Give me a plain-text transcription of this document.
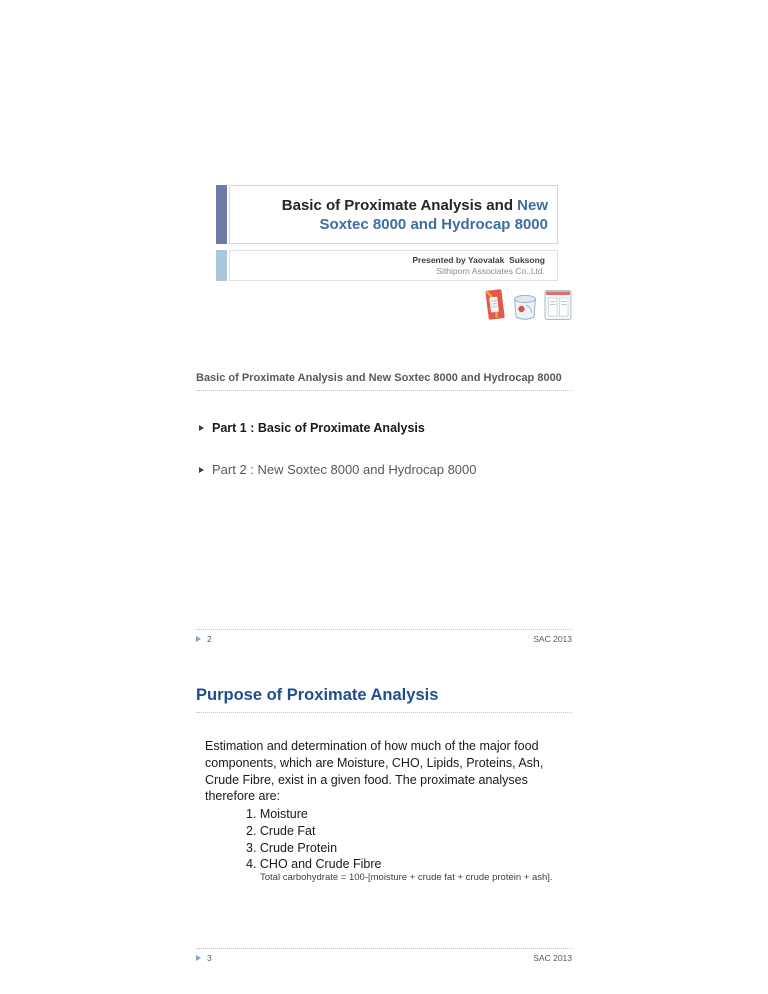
Basic of Proximate Analysis and New
Soxtec 8000 and Hydrocap 8000
Presented by Yaovalak  Suksong
Sithiporn Associates Co.,Ltd.
Basic of Proximate Analysis and New Soxtec 8000 and Hydrocap 8000
Part 1 : Basic of Proximate Analysis
Part 2 : New Soxtec 8000 and Hydrocap 8000
2	SAC 2013
Purpose of Proximate Analysis
Estimation and determination of how much of the major food
components, which are Moisture, CHO, Lipids, Proteins, Ash,
Crude Fibre, exist in a given food. The proximate analyses
therefore are:
1. Moisture
2. Crude Fat
3. Crude Protein
4. CHO and Crude Fibre
Total carbohydrate = 100-[moisture + crude fat + crude protein + ash].
3	SAC 2013
